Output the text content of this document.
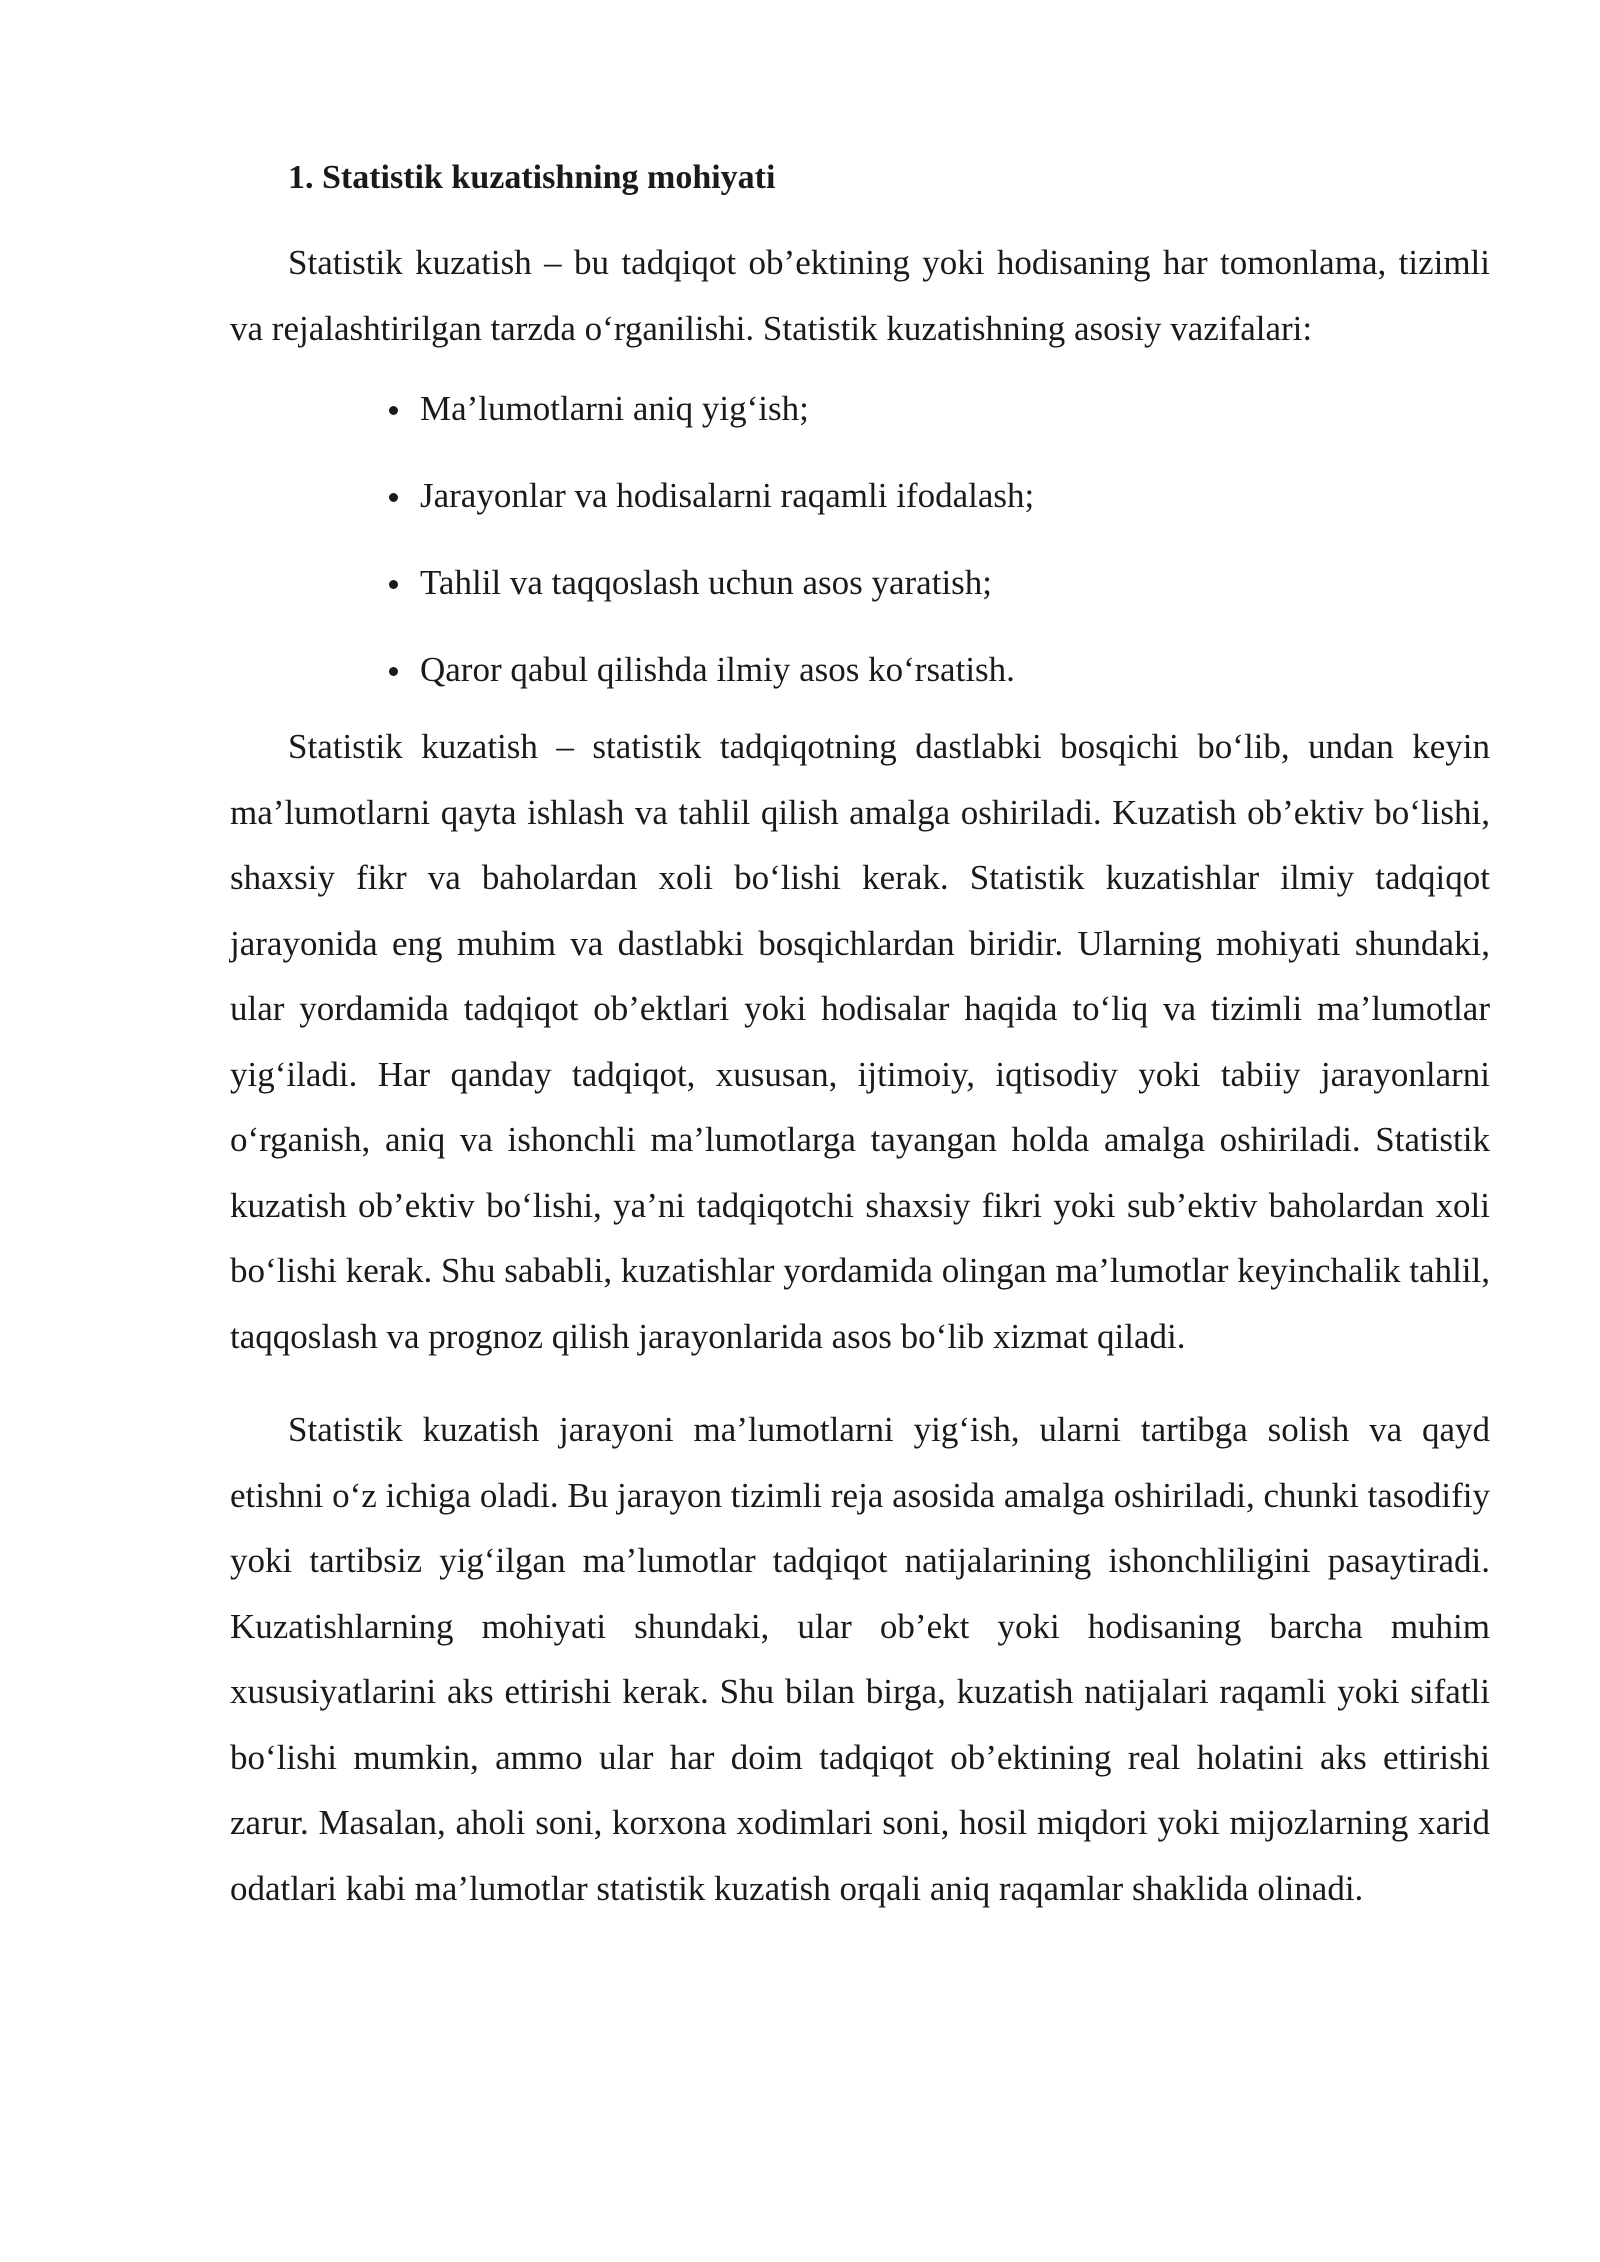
1. Statistik kuzatishning mohiyati

Statistik kuzatish – bu tadqiqot ob’ektining yoki hodisaning har tomonlama, tizimli va rejalashtirilgan tarzda o‘rganilishi. Statistik kuzatishning asosiy vazifalari:

Ma’lumotlarni aniq yig‘ish;
Jarayonlar va hodisalarni raqamli ifodalash;
Tahlil va taqqoslash uchun asos yaratish;
Qaror qabul qilishda ilmiy asos ko‘rsatish.

Statistik kuzatish – statistik tadqiqotning dastlabki bosqichi bo‘lib, undan keyin ma’lumotlarni qayta ishlash va tahlil qilish amalga oshiriladi. Kuzatish ob’ektiv bo‘lishi, shaxsiy fikr va baholardan xoli bo‘lishi kerak. Statistik kuzatishlar ilmiy tadqiqot jarayonida eng muhim va dastlabki bosqichlardan biridir. Ularning mohiyati shundaki, ular yordamida tadqiqot ob’ektlari yoki hodisalar haqida to‘liq va tizimli ma’lumotlar yig‘iladi. Har qanday tadqiqot, xususan, ijtimoiy, iqtisodiy yoki tabiiy jarayonlarni o‘rganish, aniq va ishonchli ma’lumotlarga tayangan holda amalga oshiriladi. Statistik kuzatish ob’ektiv bo‘lishi, ya’ni tadqiqotchi shaxsiy fikri yoki sub’ektiv baholardan xoli bo‘lishi kerak. Shu sababli, kuzatishlar yordamida olingan ma’lumotlar keyinchalik tahlil, taqqoslash va prognoz qilish jarayonlarida asos bo‘lib xizmat qiladi.

Statistik kuzatish jarayoni ma’lumotlarni yig‘ish, ularni tartibga solish va qayd etishni o‘z ichiga oladi. Bu jarayon tizimli reja asosida amalga oshiriladi, chunki tasodifiy yoki tartibsiz yig‘ilgan ma’lumotlar tadqiqot natijalarining ishonchliligini pasaytiradi. Kuzatishlarning mohiyati shundaki, ular ob’ekt yoki hodisaning barcha muhim xususiyatlarini aks ettirishi kerak. Shu bilan birga, kuzatish natijalari raqamli yoki sifatli bo‘lishi mumkin, ammo ular har doim tadqiqot ob’ektining real holatini aks ettirishi zarur. Masalan, aholi soni, korxona xodimlari soni, hosil miqdori yoki mijozlarning xarid odatlari kabi ma’lumotlar statistik kuzatish orqali aniq raqamlar shaklida olinadi.
